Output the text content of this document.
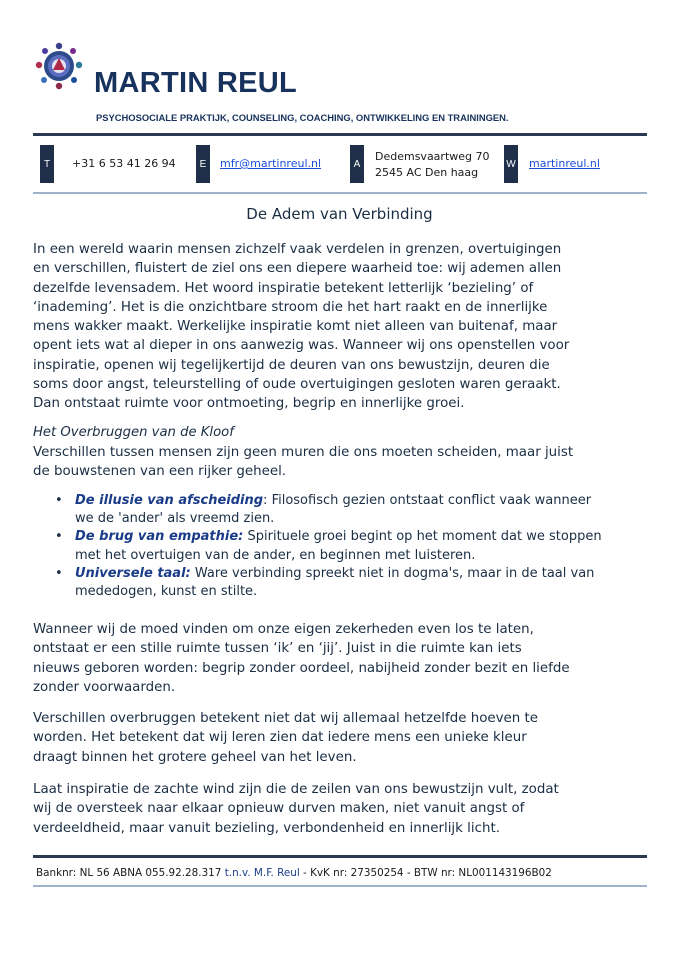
MARTIN REUL
PSYCHOSOCIALE PRAKTIJK, COUNSELING, COACHING, ONTWIKKELING EN TRAININGEN.
T	+31 6 53 41 26 94	E	mfr@martinreul.nl	A
Dedemsvaartweg 70
2545 AC Den haag
W martinreul.nl
De Adem van Verbinding
In een wereld waarin mensen zichzelf vaak verdelen in grenzen, overtuigingen
en verschillen, fluistert de ziel ons een diepere waarheid toe: wij ademen allen
dezelfde levensadem. Het woord inspiratie betekent letterlijk ‘bezieling’ of
‘inademing’. Het is die onzichtbare stroom die het hart raakt en de innerlijke
mens wakker maakt. Werkelijke inspiratie komt niet alleen van buitenaf, maar
opent iets wat al dieper in ons aanwezig was. Wanneer wij ons openstellen voor
inspiratie, openen wij tegelijkertijd de deuren van ons bewustzijn, deuren die
soms door angst, teleurstelling of oude overtuigingen gesloten waren geraakt.
Dan ontstaat ruimte voor ontmoeting, begrip en innerlijke groei.
Het Overbruggen van de Kloof
Verschillen tussen mensen zijn geen muren die ons moeten scheiden, maar juist
de bouwstenen van een rijker geheel.
• De illusie van afscheiding: Filosofisch gezien ontstaat conflict vaak wanneer
we de 'ander' als vreemd zien.
• De brug van empathie: Spirituele groei begint op het moment dat we stoppen
met het overtuigen van de ander, en beginnen met luisteren.
• Universele taal: Ware verbinding spreekt niet in dogma's, maar in de taal van
mededogen, kunst en stilte.
Wanneer wij de moed vinden om onze eigen zekerheden even los te laten,
ontstaat er een stille ruimte tussen ‘ik’ en ‘jij’. Juist in die ruimte kan iets
nieuws geboren worden: begrip zonder oordeel, nabijheid zonder bezit en liefde
zonder voorwaarden.
Verschillen overbruggen betekent niet dat wij allemaal hetzelfde hoeven te
worden. Het betekent dat wij leren zien dat iedere mens een unieke kleur
draagt binnen het grotere geheel van het leven.
Laat inspiratie de zachte wind zijn die de zeilen van ons bewustzijn vult, zodat
wij de oversteek naar elkaar opnieuw durven maken, niet vanuit angst of
verdeeldheid, maar vanuit bezieling, verbondenheid en innerlijk licht.
Banknr: NL 56 ABNA 055.92.28.317 t.n.v. M.F. Reul - KvK nr: 27350254 - BTW nr: NL001143196B02
